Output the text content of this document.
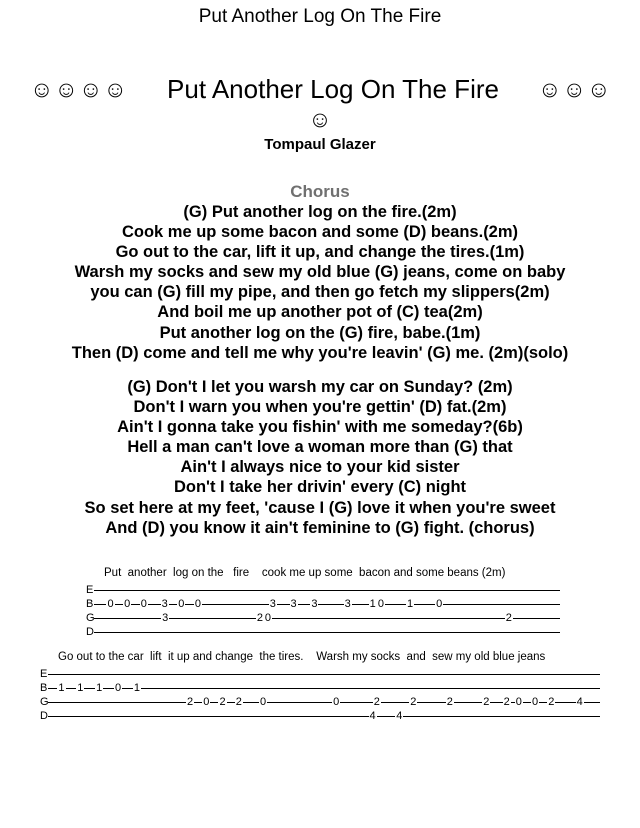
Put Another Log On The Fire
☺☺☺☺	Put Another Log On The Fire	☺☺☺
☺
Tompaul Glazer
Chorus
(G) Put another log on the fire.(2m)
Cook me up some bacon and some (D) beans.(2m)
Go out to the car, lift it up, and change the tires.(1m)
Warsh my socks and sew my old blue (G) jeans, come on baby
you can (G) fill my pipe, and then go fetch my slippers(2m)
And boil me up another pot of (C) tea(2m)
Put another log on the (G) fire, babe.(1m)
Then (D) come and tell me why you're leavin' (G) me. (2m)(solo)
(G) Don't I let you warsh my car on Sunday? (2m)
Don't I warn you when you're gettin' (D) fat.(2m)
Ain't I gonna take you fishin' with me someday?(6b)
Hell a man can't love a woman more than (G) that
Ain't I always nice to your kid sister
Don't I take her drivin' every (C) night
So set here at my feet, 'cause I (G) love it when you're sweet
And (D) you know it ain't feminine to (G) fight. (chorus)
Put  another  log on the   fire    cook me up some  bacon and some beans (2m)
E
B 0 0 0 3 0 0	3 3 3 3 1 0 1 0
G	3	2 0	2
D
Go out to the car  lift  it up and change  the tires.    Warsh my socks  and  sew my old blue jeans
E
B 1 1 1 0 1
G	2 0 2 2 0	0	2	2	2	2 2 0 0 2 4
D	4 4
